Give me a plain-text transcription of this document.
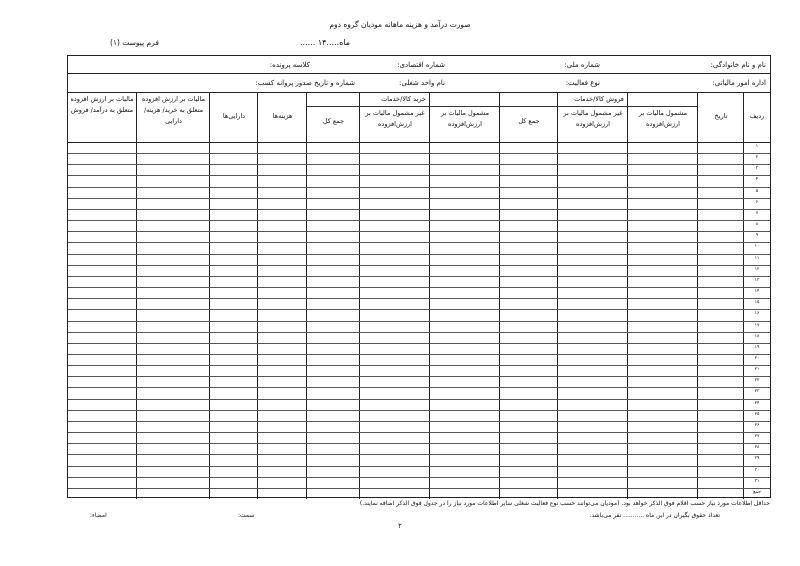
صورت درآمد و هزینه ماهانه مودیان گروه دوم
...... ماه.....۱۴
فرم پیوست (۱)
نام و نام خانوادگی:
شماره ملی:
شماره اقتصادی:
کلاسه پرونده:
اداره امور مالیاتی:
نوع فعالیت:
نام واحد شغلی:
شماره و تاریخ صدور پروانه کسب:
ردیف
تاریخ
فروش کالا/خدمات
مشمول مالیات بر ارزش‌افزوده
غیر مشمول مالیات بر ارزش‌افزوده
جمع کل
خرید کالا/خدمات
مشمول مالیات بر ارزش‌افزوده
غیر مشمول مالیات بر ارزش‌افزوده
جمع کل
هزینه‌ها
دارایی‌ها
مالیات بر ارزش افزوده متعلق به خرید/ هزینه/دارایی
مالیات بر ارزش افزوده متعلق به درآمد/ فروش
۱
۲
۳
۴
۵
۶
۷
۸
۹
۱۰
۱۱
۱۲
۱۳
۱۴
۱۵
۱۶
۱۷
۱۸
۱۹
۲۰
۲۱
۲۲
۲۳
۲۴
۲۵
۲۶
۲۷
۲۸
۲۹
۳۰
۳۱
جمع
حداقل اطلاعات مورد نیاز حسب اقلام فوق الذکر خواهد بود. (مودیان می‌توانند حسب نوع فعالیت شغلی سایر اطلاعات مورد نیاز را در جدول فوق الذکر اضافه نمایند.)
تعداد حقوق بگیران در این ماه ........... نفر می‌باشد.
سمت:
امضاء:
۲
